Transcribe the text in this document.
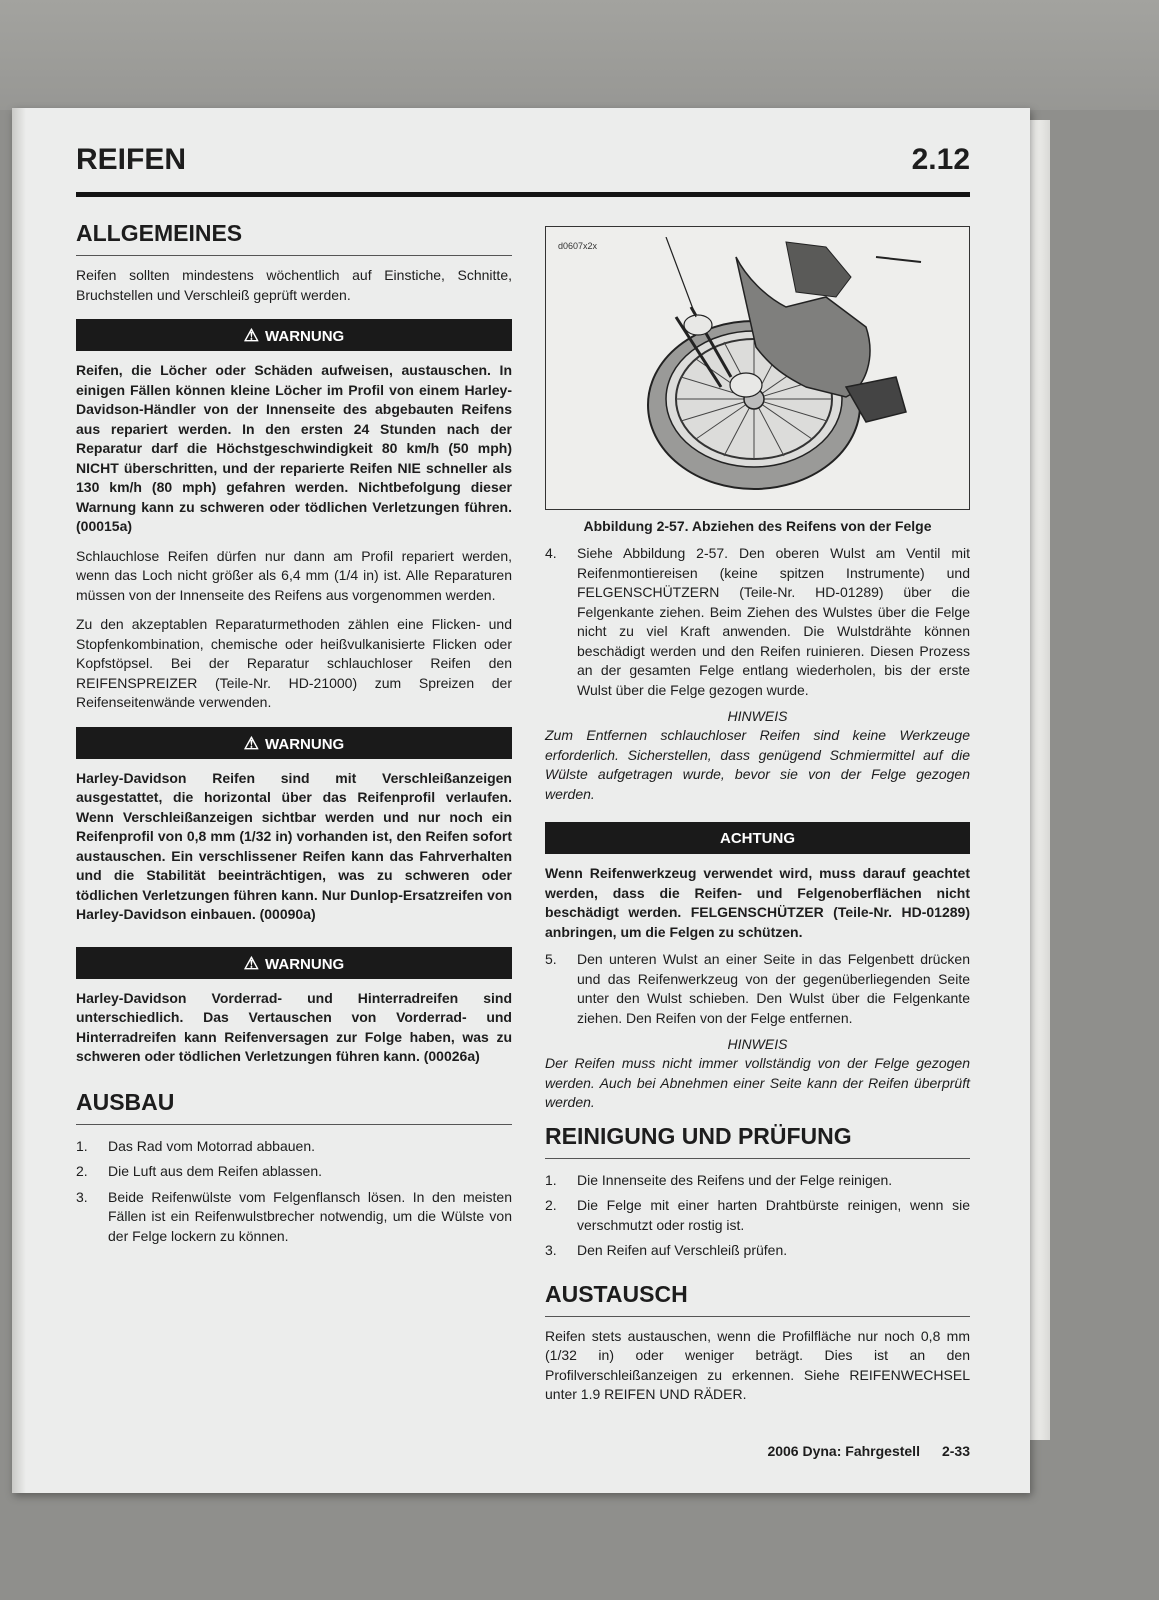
REIFEN	2.12
ALLGEMEINES

Reifen sollten mindestens wöchentlich auf Einstiche, Schnitte, Bruchstellen und Verschleiß geprüft werden.

⚠ WARNUNG

Reifen, die Löcher oder Schäden aufweisen, austauschen. In einigen Fällen können kleine Löcher im Profil von einem Harley-Davidson-Händler von der Innenseite des abgebauten Reifens aus repariert werden. In den ersten 24 Stunden nach der Reparatur darf die Höchstgeschwindigkeit 80 km/h (50 mph) NICHT überschritten, und der reparierte Reifen NIE schneller als 130 km/h (80 mph) gefahren werden. Nichtbefolgung dieser Warnung kann zu schweren oder tödlichen Verletzungen führen. (00015a)

Schlauchlose Reifen dürfen nur dann am Profil repariert werden, wenn das Loch nicht größer als 6,4 mm (1/4 in) ist. Alle Reparaturen müssen von der Innenseite des Reifens aus vorgenommen werden.

Zu den akzeptablen Reparaturmethoden zählen eine Flicken- und Stopfenkombination, chemische oder heißvulkanisierte Flicken oder Kopfstöpsel. Bei der Reparatur schlauchloser Reifen den REIFENSPREIZER (Teile-Nr. HD-21000) zum Spreizen der Reifenseitenwände verwenden.

⚠ WARNUNG

Harley-Davidson Reifen sind mit Verschleißanzeigen ausgestattet, die horizontal über das Reifenprofil verlaufen. Wenn Verschleißanzeigen sichtbar werden und nur noch ein Reifenprofil von 0,8 mm (1/32 in) vorhanden ist, den Reifen sofort austauschen. Ein verschlissener Reifen kann das Fahrverhalten und die Stabilität beeinträchtigen, was zu schweren oder tödlichen Verletzungen führen kann. Nur Dunlop-Ersatzreifen von Harley-Davidson einbauen. (00090a)

⚠ WARNUNG

Harley-Davidson Vorderrad- und Hinterradreifen sind unterschiedlich. Das Vertauschen von Vorderrad- und Hinterradreifen kann Reifenversagen zur Folge haben, was zu schweren oder tödlichen Verletzungen führen kann. (00026a)

AUSBAU
1. Das Rad vom Motorrad abbauen.
2. Die Luft aus dem Reifen ablassen.
3. Beide Reifenwülste vom Felgenflansch lösen. In den meisten Fällen ist ein Reifenwulstbrecher notwendig, um die Wülste von der Felge lockern zu können.
d0607x2x
Abbildung 2-57. Abziehen des Reifens von der Felge
4. Siehe Abbildung 2-57. Den oberen Wulst am Ventil mit Reifenmontiereisen (keine spitzen Instrumente) und FELGENSCHÜTZERN (Teile-Nr. HD-01289) über die Felgenkante ziehen. Beim Ziehen des Wulstes über die Felge nicht zu viel Kraft anwenden. Die Wulstdrähte können beschädigt werden und den Reifen ruinieren. Diesen Prozess an der gesamten Felge entlang wiederholen, bis der erste Wulst über die Felge gezogen wurde.
HINWEIS
Zum Entfernen schlauchloser Reifen sind keine Werkzeuge erforderlich. Sicherstellen, dass genügend Schmiermittel auf die Wülste aufgetragen wurde, bevor sie von der Felge gezogen werden.
ACHTUNG

Wenn Reifenwerkzeug verwendet wird, muss darauf geachtet werden, dass die Reifen- und Felgenoberflächen nicht beschädigt werden. FELGENSCHÜTZER (Teile-Nr. HD-01289) anbringen, um die Felgen zu schützen.

5. Den unteren Wulst an einer Seite in das Felgenbett drücken und das Reifenwerkzeug von der gegenüberliegenden Seite unter den Wulst schieben. Den Wulst über die Felgenkante ziehen. Den Reifen von der Felge entfernen.
HINWEIS
Der Reifen muss nicht immer vollständig von der Felge gezogen werden. Auch bei Abnehmen einer Seite kann der Reifen überprüft werden.
REINIGUNG UND PRÜFUNG
1. Die Innenseite des Reifens und der Felge reinigen.
2. Die Felge mit einer harten Drahtbürste reinigen, wenn sie verschmutzt oder rostig ist.
3. Den Reifen auf Verschleiß prüfen.
AUSTAUSCH

Reifen stets austauschen, wenn die Profilfläche nur noch 0,8 mm (1/32 in) oder weniger beträgt. Dies ist an den Profilverschleißanzeigen zu erkennen. Siehe REIFENWECHSEL unter 1.9 REIFEN UND RÄDER.

2006 Dyna: Fahrgestell 2-33
